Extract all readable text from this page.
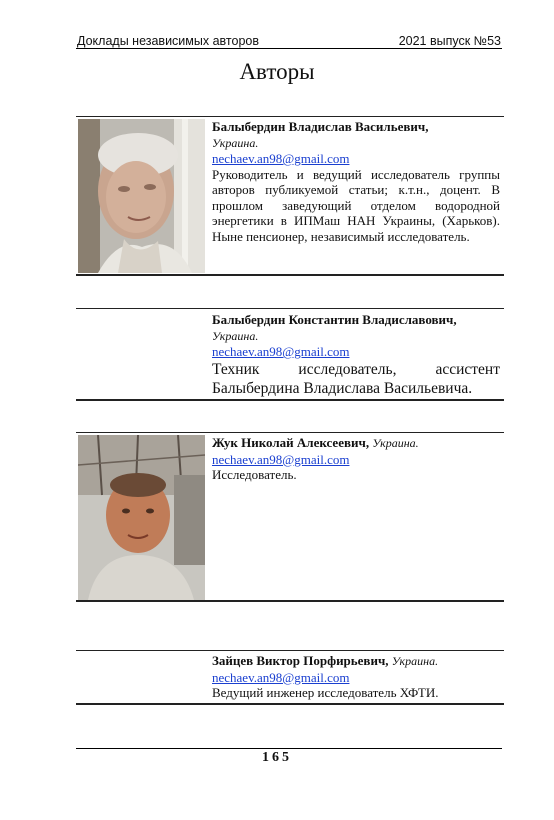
Доклады независимых авторов	2021 выпуск №53
Авторы
Балыбердин Владислав Васильевич,
Украина.
nechaev.an98@gmail.com
Руководитель и ведущий исследователь группы авторов публикуемой статьи; к.т.н., доцент. В прошлом заведующий отделом водородной энергетики в ИПМаш НАН Украины, (Харьков). Ныне пенсионер, независимый исследователь.
Балыбердин Константин Владиславович,
Украина.
nechaev.an98@gmail.com
Техник исследователь, ассистент Балыбердина Владислава Васильевича.
Жук Николай Алексеевич, Украина.
nechaev.an98@gmail.com
Исследователь.
Зайцев Виктор Порфирьевич, Украина.
nechaev.an98@gmail.com
Ведущий инженер исследователь ХФТИ.
165
